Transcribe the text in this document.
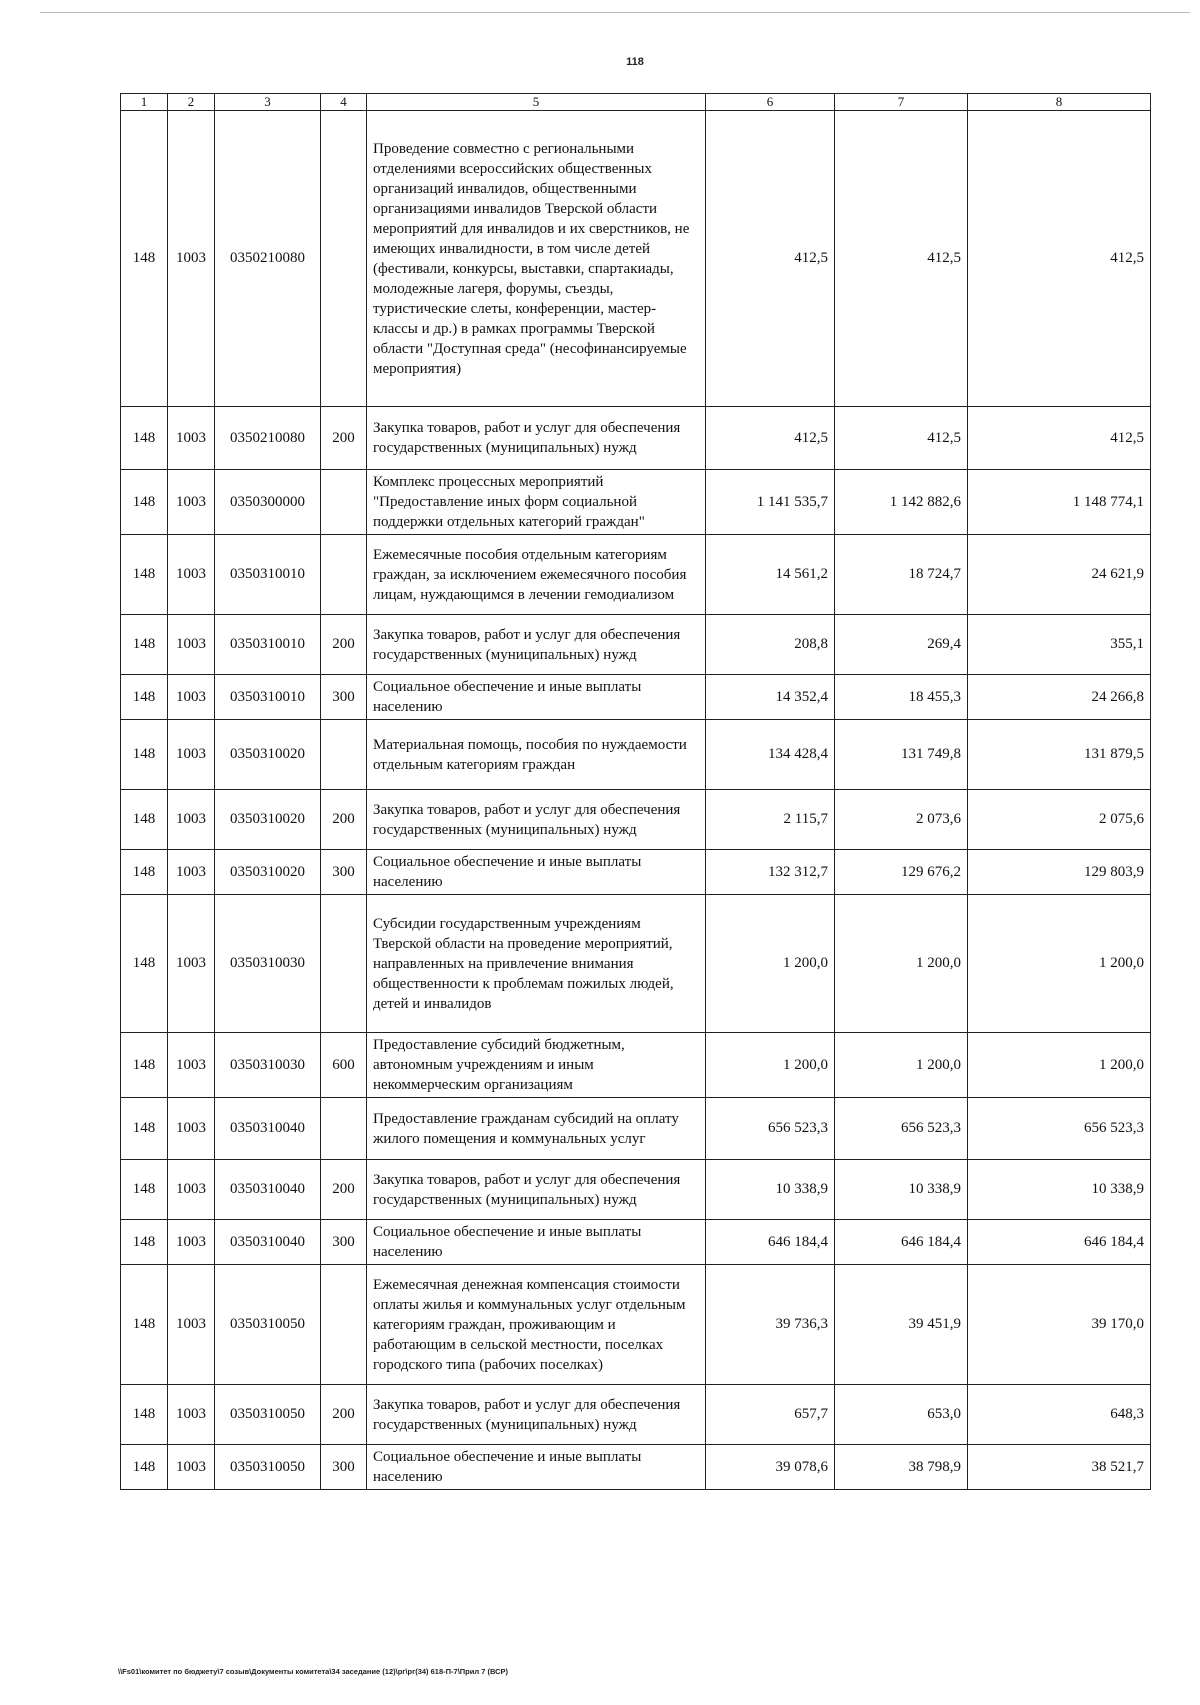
118
1	2	3	4	5	6	7	8
148	1003	0350210080		Проведение совместно с региональными отделениями всероссийских общественных организаций инвалидов, общественными организациями инвалидов Тверской области мероприятий для инвалидов и их сверстников, не имеющих инвалидности, в том числе детей (фестивали, конкурсы, выставки, спартакиады, молодежные лагеря, форумы, съезды, туристические слеты, конференции, мастер-классы и др.) в рамках программы Тверской области "Доступная среда" (несофинансируемые мероприятия)	412,5	412,5	412,5
148	1003	0350210080	200	Закупка товаров, работ и услуг для обеспечения государственных (муниципальных) нужд	412,5	412,5	412,5
148	1003	0350300000		Комплекс процессных мероприятий "Предоставление иных форм социальной поддержки отдельных категорий граждан"	1 141 535,7	1 142 882,6	1 148 774,1
148	1003	0350310010		Ежемесячные пособия отдельным категориям граждан, за исключением ежемесячного пособия лицам, нуждающимся в лечении гемодиализом	14 561,2	18 724,7	24 621,9
148	1003	0350310010	200	Закупка товаров, работ и услуг для обеспечения государственных (муниципальных) нужд	208,8	269,4	355,1
148	1003	0350310010	300	Социальное обеспечение и иные выплаты населению	14 352,4	18 455,3	24 266,8
148	1003	0350310020		Материальная помощь, пособия по нуждаемости отдельным категориям граждан	134 428,4	131 749,8	131 879,5
148	1003	0350310020	200	Закупка товаров, работ и услуг для обеспечения государственных (муниципальных) нужд	2 115,7	2 073,6	2 075,6
148	1003	0350310020	300	Социальное обеспечение и иные выплаты населению	132 312,7	129 676,2	129 803,9
148	1003	0350310030		Субсидии государственным учреждениям Тверской области на проведение мероприятий, направленных на привлечение внимания общественности к проблемам пожилых людей, детей и инвалидов	1 200,0	1 200,0	1 200,0
148	1003	0350310030	600	Предоставление субсидий бюджетным, автономным учреждениям и иным некоммерческим организациям	1 200,0	1 200,0	1 200,0
148	1003	0350310040		Предоставление гражданам субсидий на оплату жилого помещения и коммунальных услуг	656 523,3	656 523,3	656 523,3
148	1003	0350310040	200	Закупка товаров, работ и услуг для обеспечения государственных (муниципальных) нужд	10 338,9	10 338,9	10 338,9
148	1003	0350310040	300	Социальное обеспечение и иные выплаты населению	646 184,4	646 184,4	646 184,4
148	1003	0350310050		Ежемесячная денежная компенсация стоимости оплаты жилья и коммунальных услуг отдельным категориям граждан, проживающим и работающим в сельской местности, поселках городского типа (рабочих поселках)	39 736,3	39 451,9	39 170,0
148	1003	0350310050	200	Закупка товаров, работ и услуг для обеспечения государственных (муниципальных) нужд	657,7	653,0	648,3
148	1003	0350310050	300	Социальное обеспечение и иные выплаты населению	39 078,6	38 798,9	38 521,7
\\Fs01\комитет по бюджету\7 созыв\Документы комитета\34 заседание (12)\рг\рг(34) 618-П-7\Прил 7 (ВСР)
